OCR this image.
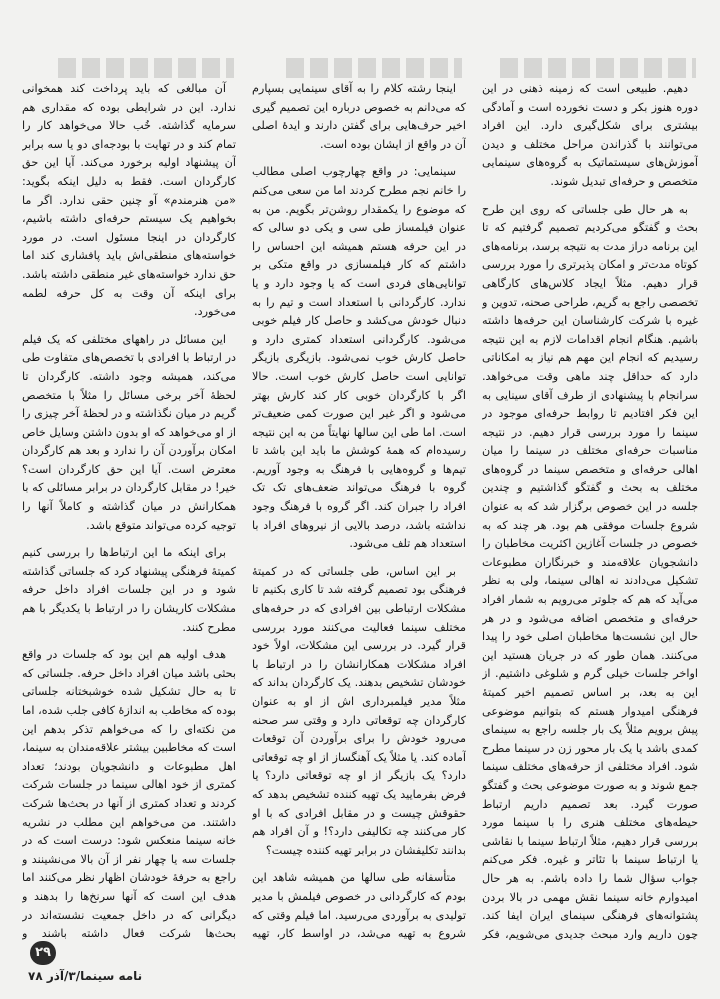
دهیم. طبیعی است که زمینه ذهنی در این دوره هنوز بکر و دست نخورده است و آمادگی بیشتری برای شکل‌گیری دارد. این افراد می‌توانند با گذراندن مراحل مختلف و دیدن آموزش‌های سیستماتیک به گروه‌های سینمایی متخصص و حرفه‌ای تبدیل شوند.

به هر حال طی جلساتی که روی این طرح بحث و گفتگو می‌کردیم تصمیم گرفتیم که تا این برنامه دراز مدت به نتیجه برسد، برنامه‌های کوتاه مدت‌تر و امکان پذیرتری را مورد بررسی قرار دهیم. مثلاً ایجاد کلاس‌های کارگاهی تخصصی راجع به گریم، طراحی صحنه، تدوین و غیره با شرکت کارشناسان این حرفه‌ها داشته باشیم. هنگام انجام اقدامات لازم به این نتیجه رسیدیم که انجام این مهم هم نیاز به امکاناتی دارد که حداقل چند ماهی وقت می‌خواهد. سرانجام با پیشنهادی از طرف آقای سینایی به این فکر افتادیم تا روابط حرفه‌ای موجود در سینما را مورد بررسی قرار دهیم. در نتیجه مناسبات حرفه‌ای مختلف در سینما را میان اهالی حرفه‌ای و متخصص سینما در گروه‌های مختلف به بحث و گفتگو گذاشتیم و چندین جلسه در این خصوص برگزار شد که به عنوان شروع جلسات موفقی هم بود. هر چند که به خصوص در جلسات آغازین اکثریت مخاطبان را دانشجویان علاقه‌مند و خبرنگاران مطبوعات تشکیل می‌دادند نه اهالی سینما، ولی به نظر می‌آید که هم که جلوتر می‌رویم به شمار افراد حرفه‌ای و متخصص اضافه می‌شود و در هر حال این نشست‌ها مخاطبان اصلی خود را پیدا می‌کنند. همان طور که در جریان هستید این اواخر جلسات خیلی گرم و شلوغی داشتیم. از این به بعد، بر اساس تصمیم اخیر کمیتهٔ فرهنگی امیدوار هستم که بتوانیم موضوعی پیش برویم مثلاً یک بار جلسه راجع به سینمای کمدی باشد یا یک بار محور زن در سینما مطرح شود. افراد مختلفی از حرفه‌های مختلف سینما جمع شوند و به صورت موضوعی بحث و گفتگو صورت گیرد. بعد تصمیم داریم ارتباط حیطه‌های مختلف هنری را با سینما مورد بررسی قرار دهیم، مثلاً ارتباط سینما با نقاشی یا ارتباط سینما با تئاتر و غیره. فکر می‌کنم جواب سؤال شما را داده باشم. به هر حال امیدوارم خانه سینما نقش مهمی در بالا بردن پشتوانه‌های فرهنگی سینمای ایران ایفا کند. چون داریم وارد مبحث جدیدی می‌شویم، فکر

اینجا رشته کلام را به آقای سینمایی بسپارم که می‌دانم به خصوص درباره این تصمیم گیری اخیر حرف‌هایی برای گفتن دارند و ایدهٔ اصلی آن در واقع از ایشان بوده است.

سینمایی: در واقع چهارچوب اصلی مطالب را خانم نجم مطرح کردند اما من سعی می‌کنم که موضوع را یکمقدار روشن‌تر بگویم. من به عنوان فیلمساز طی سی و یکی دو سالی که در این حرفه هستم همیشه این احساس را داشتم که کار فیلمسازی در واقع متکی بر توانایی‌های فردی است که یا وجود دارد و یا ندارد. کارگردانی با استعداد است و تیم را به دنبال خودش می‌کشد و حاصل کار فیلم خوبی می‌شود. کارگردانی استعداد کمتری دارد و حاصل کارش خوب نمی‌شود. بازیگری بازیگر توانایی است حاصل کارش خوب است. حالا اگر با کارگردان خوبی کار کند کارش بهتر می‌شود و اگر غیر این صورت کمی ضعیف‌تر است. اما طی این سالها نهایتاً من به این نتیجه رسیده‌ام که همهٔ کوشش ما باید این باشد تا تیم‌ها و گروه‌هایی با فرهنگ به وجود آوریم. گروه با فرهنگ می‌تواند ضعف‌های تک تک افراد را جبران کند. اگر گروه با فرهنگ وجود نداشته باشد، درصد بالایی از نیروهای افراد با استعداد هم تلف می‌شود.

بر این اساس، طی جلساتی که در کمیتهٔ فرهنگی بود تصمیم گرفته شد تا کاری بکنیم تا مشکلات ارتباطی بین افرادی که در حرفه‌های مختلف سینما فعالیت می‌کنند مورد بررسی قرار گیرد. در بررسی این مشکلات، اولاً خود افراد مشکلات همکارانشان را در ارتباط با خودشان تشخیص بدهند. یک کارگردان بداند که مثلاً مدیر فیلمبرداری اش از او به عنوان کارگردان چه توقعاتی دارد و وقتی سر صحنه می‌رود خودش را برای برآوردن آن توقعات آماده کند. یا مثلاً یک آهنگساز از او چه توقعاتی دارد؟ یک بازیگر از او چه توقعاتی دارد؟ یا فرض بفرمایید یک تهیه کننده تشخیص بدهد که حقوقش چیست و در مقابل افرادی که با او کار می‌کنند چه تکالیفی دارد؟! و آن افراد هم بدانند تکلیفشان در برابر تهیه کننده چیست؟

متأسفانه طی سالها من همیشه شاهد این بودم که کارگردانی در خصوص فیلمش با مدیر تولیدی به برآوردی می‌رسید. اما فیلم وقتی که شروع به تهیه می‌شد، در اواسط کار، تهیه

آن مبالغی که باید پرداخت کند همخوانی ندارد. این در شرایطی بوده که مقداری هم سرمایه گذاشته. خُب حالا می‌خواهد کار را تمام کند و در تهایت با بودجه‌ای دو یا سه برابر آن پیشنهاد اولیه برخورد می‌کند. آیا این حق کارگردان است. فقط به دلیل اینکه بگوید: «من هنرمندم» آو چنین حقی ندارد. اگر ما بخواهیم یک سیستم حرفه‌ای داشته باشیم، کارگردان در اینجا مسئول است. در مورد خواسته‌های منطقی‌اش باید پافشاری کند اما حق ندارد خواسته‌های غیر منطقی داشته باشد. برای اینکه آن وقت به کل حرفه لطمه می‌خورد.

این مسائل در راههای مختلفی که یک فیلم در ارتباط با افرادی با تخصص‌های متفاوت طی می‌کند، همیشه وجود داشته. کارگردان تا لحظهٔ آخر برخی مسائل را مثلاً با متخصص گریم در میان نگذاشته و در لحظهٔ آخر چیزی را از او می‌خواهد که او بدون داشتن وسایل خاص امکان برآوردن آن را ندارد و بعد هم کارگردان معترض است. آیا این حق کارگردان است؟ خیر! در مقابل کارگردان در برابر مسائلی که با همکارانش در میان گذاشته و کاملاً آنها را توجیه کرده می‌تواند متوقع باشد.

برای اینکه ما این ارتباط‌ها را بررسی کنیم کمیتهٔ فرهنگی پیشنهاد کرد که جلساتی گذاشته شود و در این جلسات افراد داخل حرفه مشکلات کاریشان را در ارتباط با یکدیگر با هم مطرح کنند.

هدف اولیه هم این بود که جلسات در واقع بحثی باشد میان افراد داخل حرفه. جلساتی که تا به حال تشکیل شده خوشبختانه جلساتی بوده که مخاطب به اندازهٔ کافی جلب شده، اما من نکته‌ای را که می‌خواهم تذکر بدهم این است که مخاطبین بیشتر علاقه‌مندان به سینما، اهل مطبوعات و دانشجویان بودند؛ تعداد کمتری از خود اهالی سینما در جلسات شرکت کردند و تعداد کمتری از آنها در بحث‌ها شرکت داشتند. من می‌خواهم این مطلب در نشریه خانه سینما منعکس شود: درست است که در جلسات سه یا چهار نفر از آن بالا می‌نشینند و راجع به حرفهٔ خودشان اظهار نظر می‌کنند اما هدف این است که آنها سرنخ‌ها را بدهند و دیگرانی که در داخل جمعیت نشسته‌اند در بحث‌ها شرکت فعال داشته باشند و

۲۹
نامه سینما/۳/آذر ۷۸
